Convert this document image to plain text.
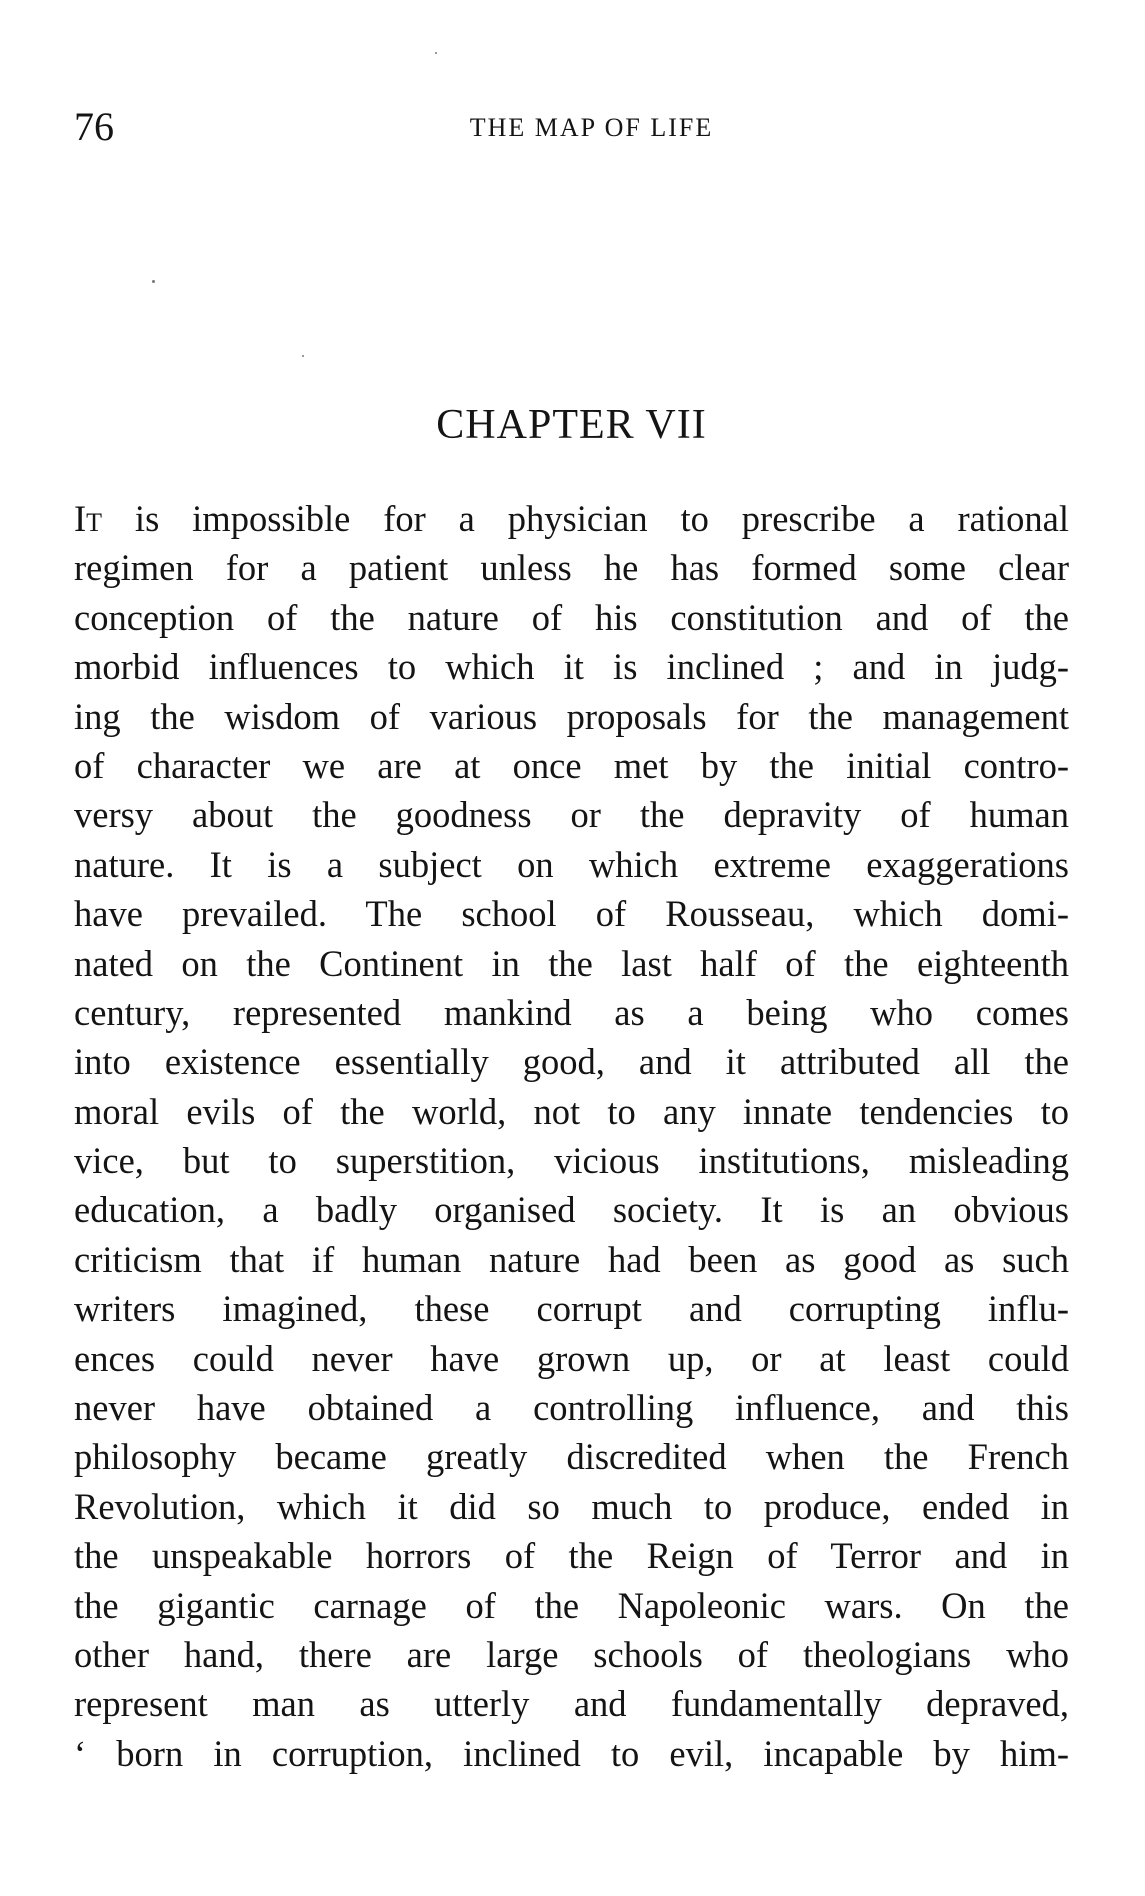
76	THE MAP OF LIFE
CHAPTER VII
It is impossible for a physician to prescribe a rational
regimen for a patient unless he has formed some clear
conception of the nature of his constitution and of the
morbid influences to which it is inclined ; and in judg-
ing the wisdom of various proposals for the management
of character we are at once met by the initial contro-
versy about the goodness or the depravity of human
nature. It is a subject on which extreme exaggerations
have prevailed. The school of Rousseau, which domi-
nated on the Continent in the last half of the eighteenth
century, represented mankind as a being who comes
into existence essentially good, and it attributed all the
moral evils of the world, not to any innate tendencies to
vice, but to superstition, vicious institutions, misleading
education, a badly organised society. It is an obvious
criticism that if human nature had been as good as such
writers imagined, these corrupt and corrupting influ-
ences could never have grown up, or at least could
never have obtained a controlling influence, and this
philosophy became greatly discredited when the French
Revolution, which it did so much to produce, ended in
the unspeakable horrors of the Reign of Terror and in
the gigantic carnage of the Napoleonic wars. On the
other hand, there are large schools of theologians who
represent man as utterly and fundamentally depraved,
‘ born in corruption, inclined to evil, incapable by him-
